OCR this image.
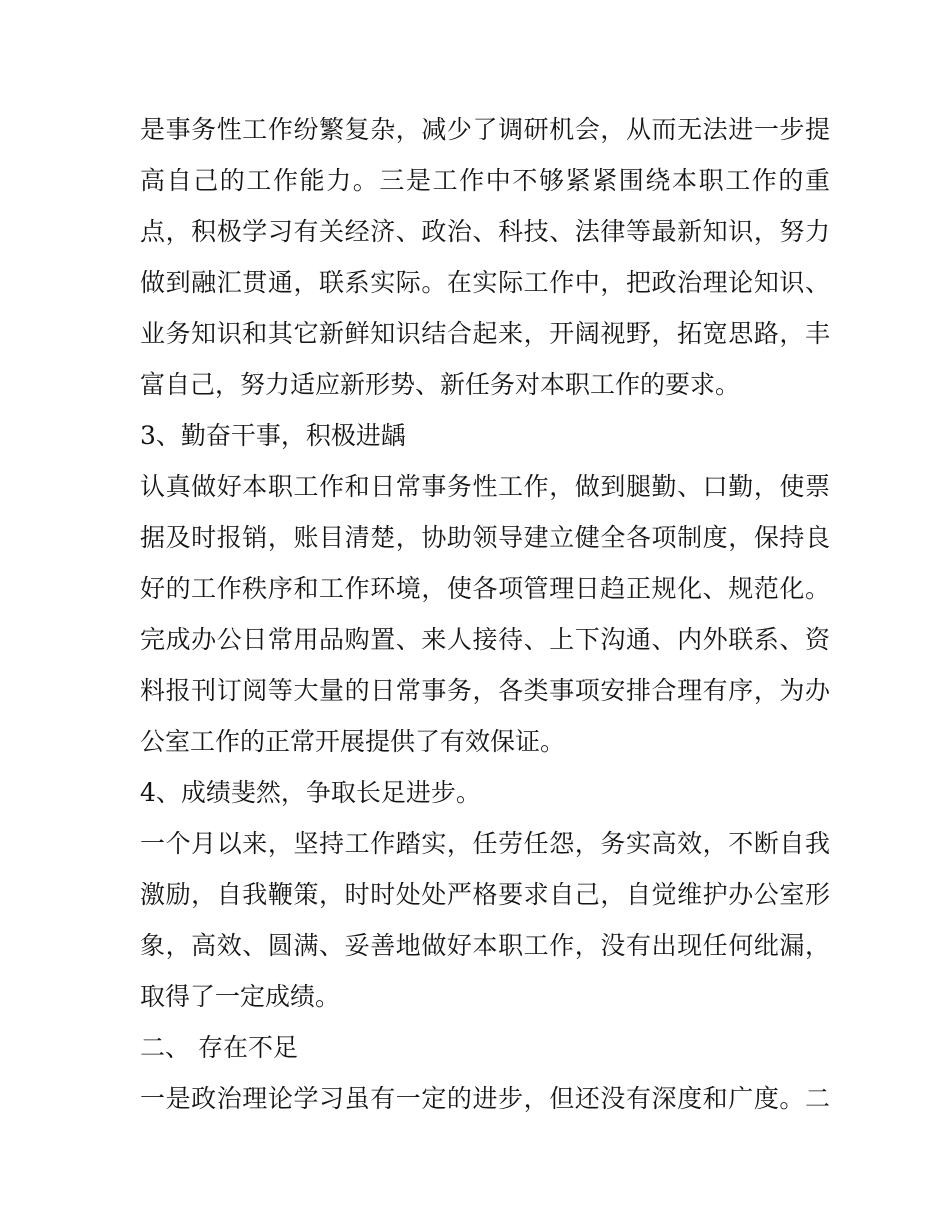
是事务性工作纷繁复杂，减少了调研机会，从而无法进一步提

高自己的工作能力。三是工作中不够紧紧围绕本职工作的重

点，积极学习有关经济、政治、科技、法律等最新知识，努力

做到融汇贯通，联系实际。在实际工作中，把政治理论知识、

业务知识和其它新鲜知识结合起来，开阔视野，拓宽思路，丰

富自己，努力适应新形势、新任务对本职工作的要求。

3、勤奋干事，积极进龋

认真做好本职工作和日常事务性工作，做到腿勤、口勤，使票

据及时报销，账目清楚，协助领导建立健全各项制度，保持良

好的工作秩序和工作环境，使各项管理日趋正规化、规范化。

完成办公日常用品购置、来人接待、上下沟通、内外联系、资

料报刊订阅等大量的日常事务，各类事项安排合理有序，为办

公室工作的正常开展提供了有效保证。

4、成绩斐然，争取长足进步。

一个月以来，坚持工作踏实，任劳任怨，务实高效，不断自我

激励，自我鞭策，时时处处严格要求自己，自觉维护办公室形

象，高效、圆满、妥善地做好本职工作，没有出现任何纰漏，

取得了一定成绩。

二、 存在不足

一是政治理论学习虽有一定的进步，但还没有深度和广度。二
